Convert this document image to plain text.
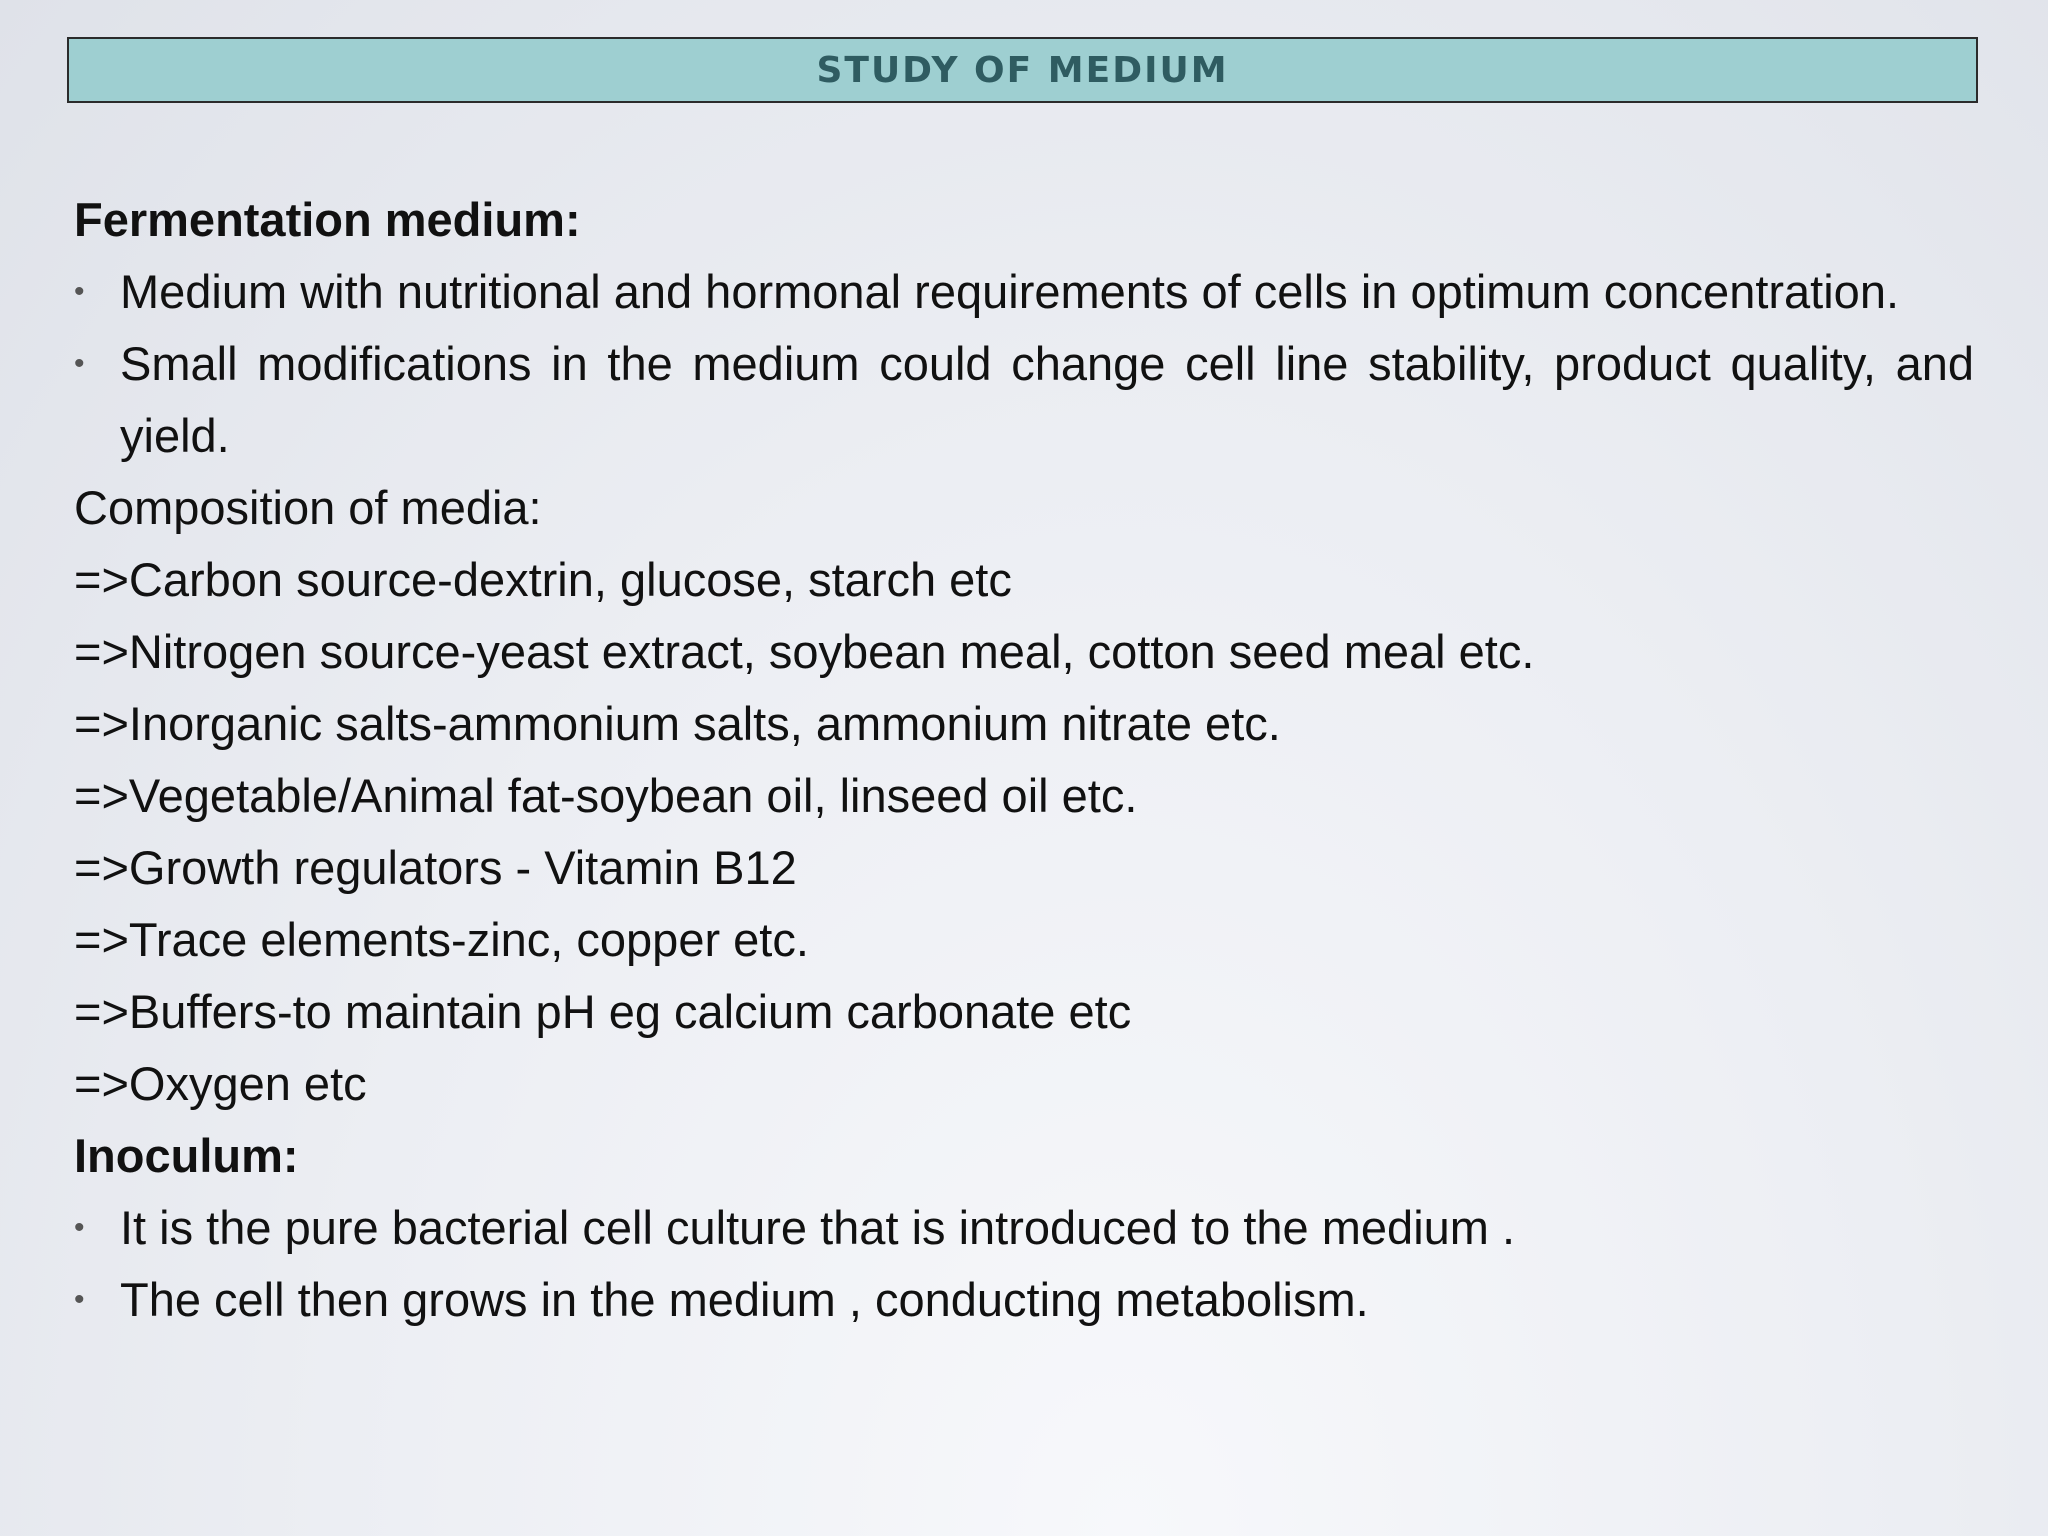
STUDY OF MEDIUM
Fermentation medium:
• Medium with nutritional and hormonal requirements of cells in optimum concentration.
• Small modifications in the medium could change cell line stability, product quality, and yield.
Composition of media:
=>Carbon source-dextrin, glucose, starch etc
=>Nitrogen source-yeast extract, soybean meal, cotton seed meal etc.
=>Inorganic salts-ammonium salts, ammonium nitrate etc.
=>Vegetable/Animal fat-soybean oil, linseed oil etc.
=>Growth regulators - Vitamin B12
=>Trace elements-zinc, copper etc.
=>Buffers-to maintain pH eg calcium carbonate etc
=>Oxygen etc
Inoculum:
• It is the pure bacterial cell culture that is introduced to the medium .
• The cell then grows in the medium , conducting metabolism.
